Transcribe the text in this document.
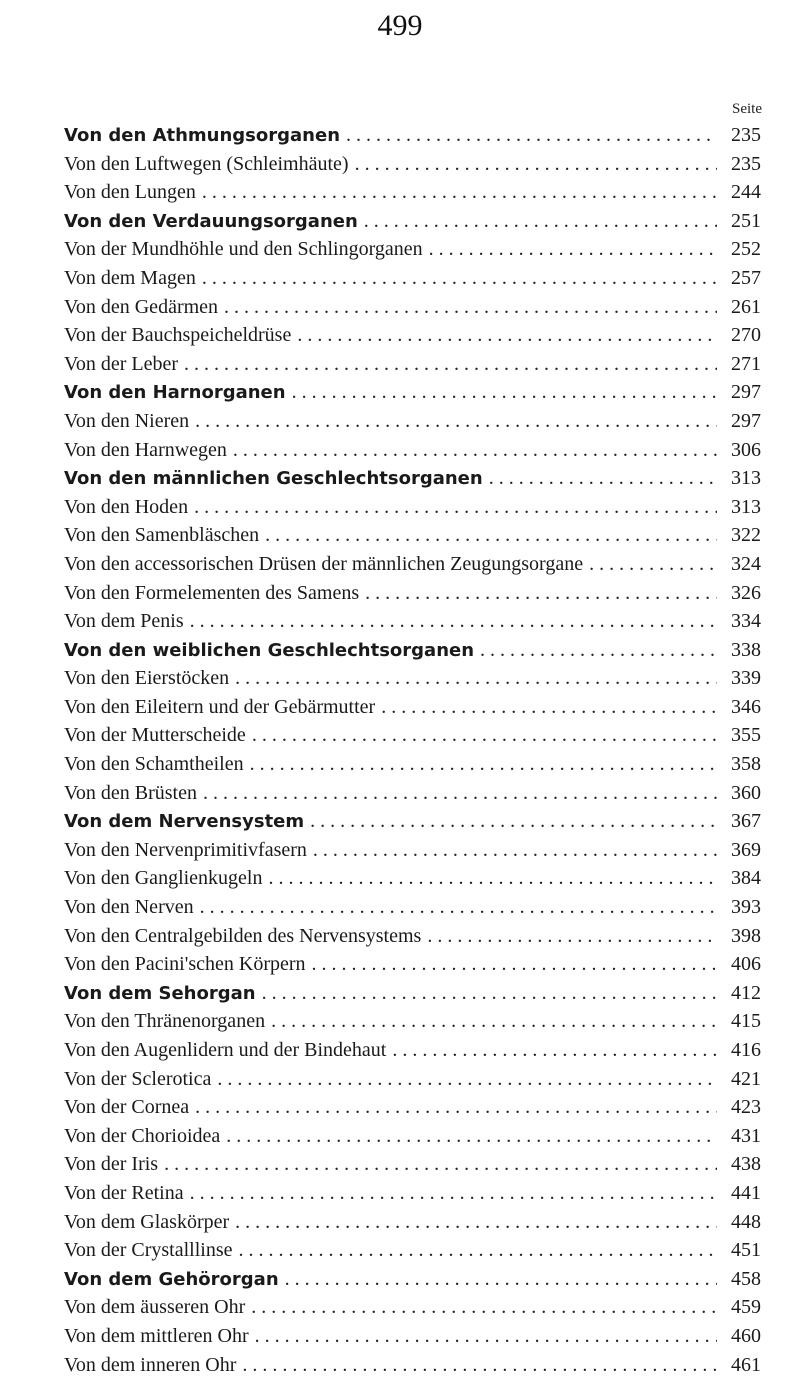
499
Seite
Von den Athmungsorganen . . .	235
Von den Luftwegen (Schleimhäute) . . .	235
Von den Lungen . . .	244
Von den Verdauungsorganen . . .	251
Von der Mundhöhle und den Schlingorganen . . .	252
Von dem Magen . . .	257
Von den Gedärmen . . .	261
Von der Bauchspeicheldrüse . . .	270
Von der Leber . . .	271
Von den Harnorganen . . .	297
Von den Nieren . . .	297
Von den Harnwegen . . .	306
Von den männlichen Geschlechtsorganen . . .	313
Von den Hoden . . .	313
Von den Samenbläschen . . .	322
Von den accessorischen Drüsen der männlichen Zeugungsorgane . . .	324
Von den Formelementen des Samens . . .	326
Von dem Penis . . .	334
Von den weiblichen Geschlechtsorganen . . .	338
Von den Eierstöcken . . .	339
Von den Eileitern und der Gebärmutter . . .	346
Von der Mutterscheide . . .	355
Von den Schamtheilen . . .	358
Von den Brüsten . . .	360
Von dem Nervensystem . . .	367
Von den Nervenprimitivfasern . . .	369
Von den Ganglienkugeln . . .	384
Von den Nerven . . .	393
Von den Centralgebilden des Nervensystems . . .	398
Von den Pacini'schen Körpern . . .	406
Von dem Sehorgan . . .	412
Von den Thränenorganen . . .	415
Von den Augenlidern und der Bindehaut . . .	416
Von der Sclerotica . . .	421
Von der Cornea . . .	423
Von der Chorioidea . . .	431
Von der Iris . . .	438
Von der Retina . . .	441
Von dem Glaskörper . . .	448
Von der Crystalllinse . . .	451
Von dem Gehörorgan . . .	458
Von dem äusseren Ohr . . .	459
Von dem mittleren Ohr . . .	460
Von dem inneren Ohr . . .	461
